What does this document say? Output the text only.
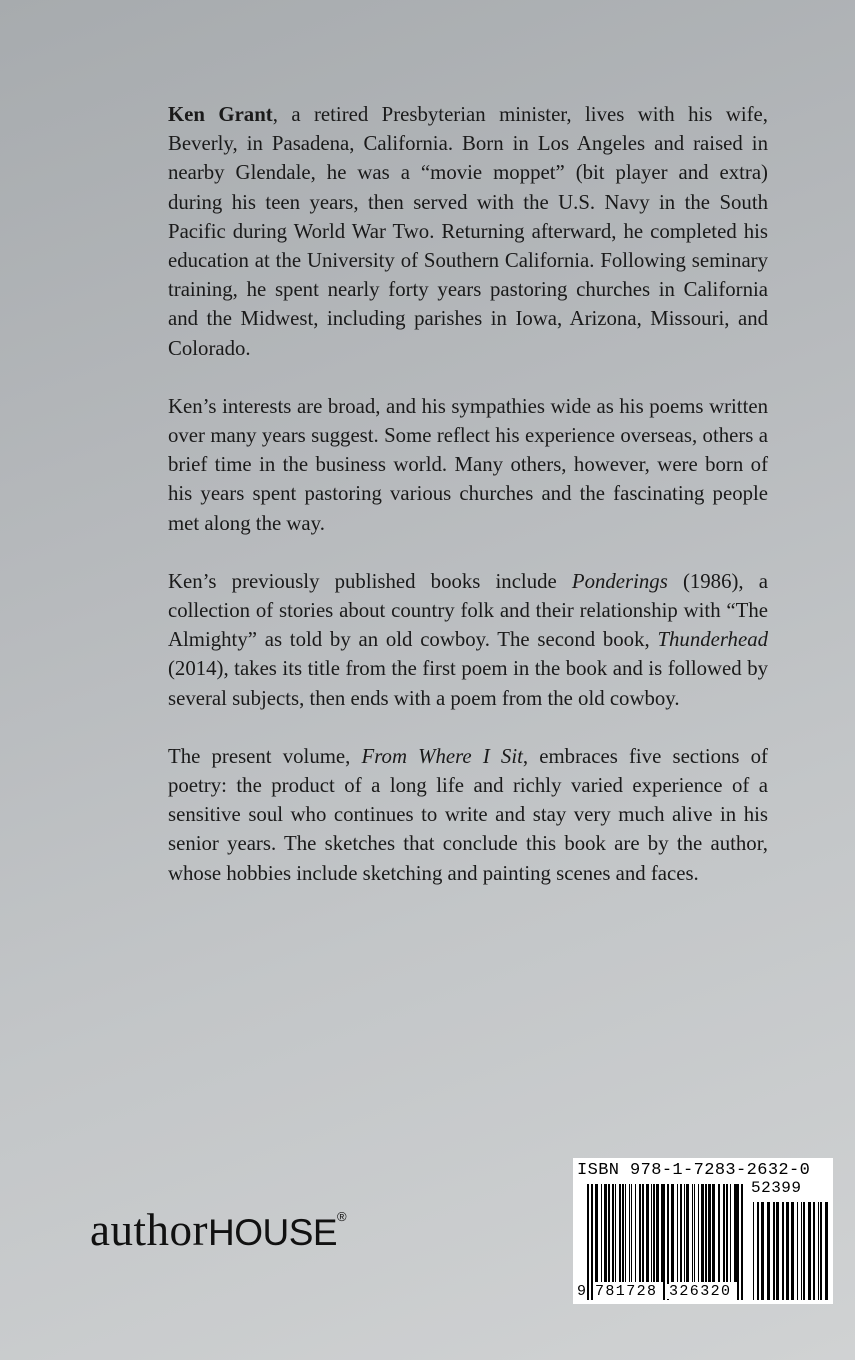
Ken Grant, a retired Presbyterian minister, lives with his wife, Beverly, in Pasadena, California. Born in Los Angeles and raised in nearby Glendale, he was a “movie moppet” (bit player and extra) during his teen years, then served with the U.S. Navy in the South Pacific during World War Two. Returning afterward, he completed his education at the University of Southern California. Following seminary training, he spent nearly forty years pastoring churches in California and the Midwest, including parishes in Iowa, Arizona, Missouri, and Colorado.

Ken’s interests are broad, and his sympathies wide as his poems written over many years suggest. Some reflect his experience overseas, others a brief time in the business world. Many others, however, were born of his years spent pastoring various churches and the fascinating people met along the way.

Ken’s previously published books include Ponderings (1986), a collection of stories about country folk and their relationship with “The Almighty” as told by an old cowboy. The second book, Thunderhead (2014), takes its title from the first poem in the book and is followed by several subjects, then ends with a poem from the old cowboy.

The present volume, From Where I Sit, embraces five sections of poetry: the product of a long life and richly varied experience of a sensitive soul who continues to write and stay very much alive in his senior years. The sketches that conclude this book are by the author, whose hobbies include sketching and painting scenes and faces.

authorHOUSE®
ISBN 978-1-7283-2632-0
52399
9 781728 326320
